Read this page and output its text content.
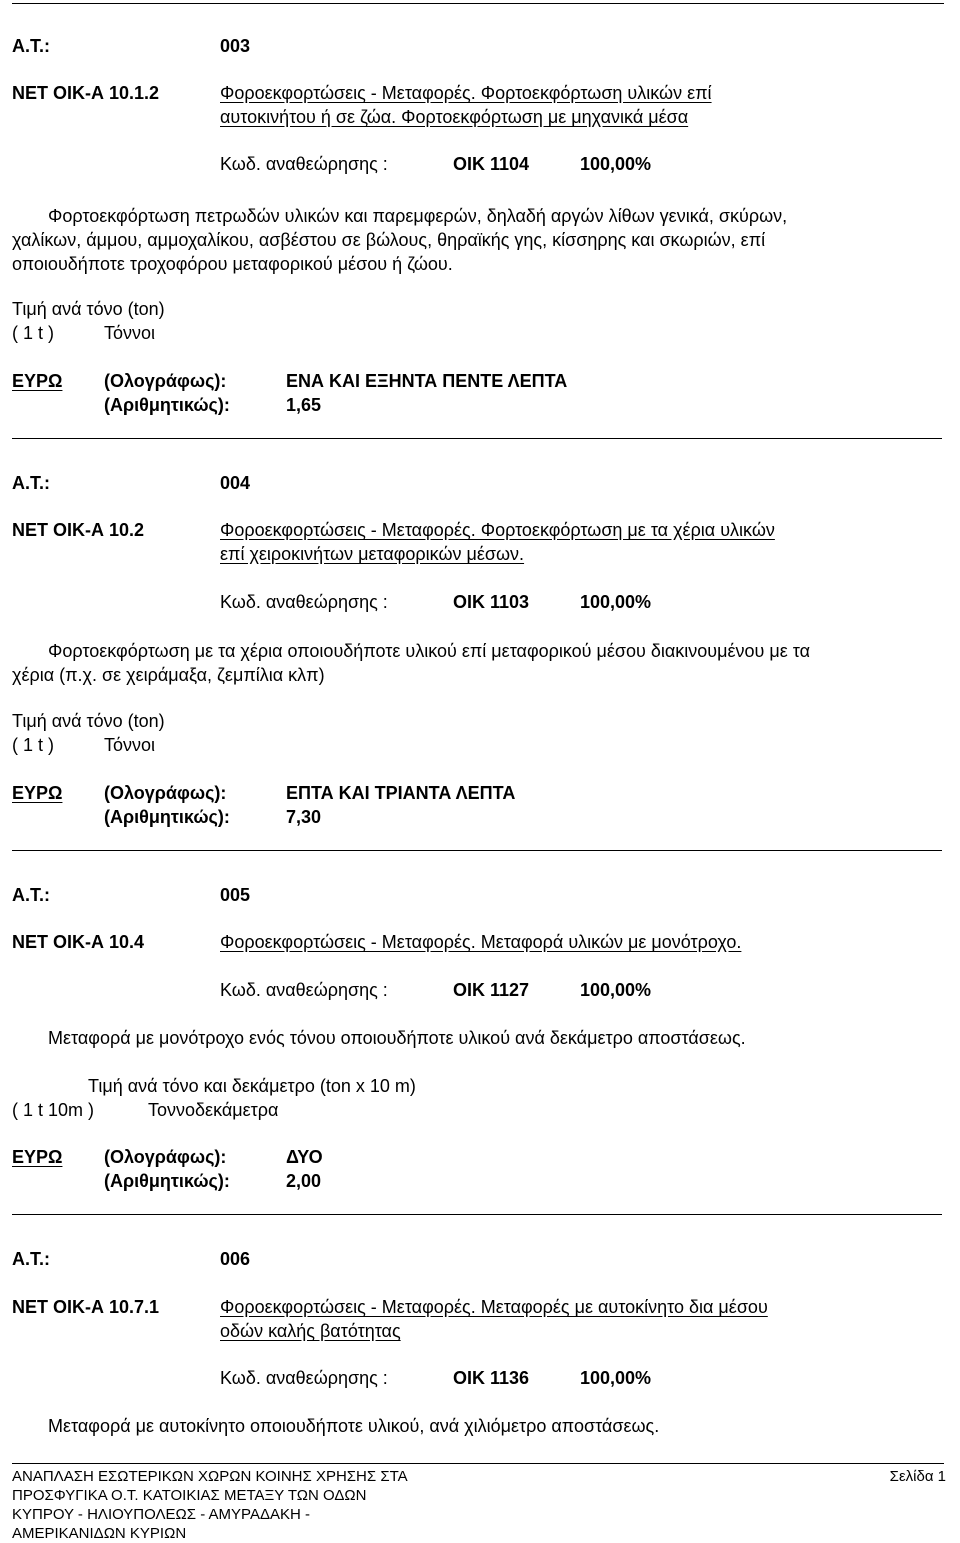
Α.Τ.:	003
ΝΕΤ ΟΙΚ-Α 10.1.2	Φοροεκφορτώσεις - Μεταφορές. Φορτοεκφόρτωση υλικών επί
αυτοκινήτου ή σε ζώα. Φορτοεκφόρτωση με μηχανικά μέσα
Κωδ. αναθεώρησης :	ΟΙΚ 1104	100,00%
Φορτοεκφόρτωση πετρωδών υλικών και παρεμφερών, δηλαδή αργών λίθων γενικά, σκύρων,
χαλίκων, άμμου, αμμοχαλίκου, ασβέστου σε βώλους, θηραϊκής γης, κίσσηρης και σκωριών, επί
οποιουδήποτε τροχοφόρου μεταφορικού μέσου ή ζώου.
Τιμή ανά τόνο (ton)
( 1 t )	Τόννοι
ΕΥΡΩ (Ολογράφως):	ΕΝΑ ΚΑΙ ΕΞΗΝΤΑ ΠΕΝΤΕ ΛΕΠΤΑ
(Αριθμητικώς):	1,65
Α.Τ.:	004
ΝΕΤ ΟΙΚ-Α 10.2	Φοροεκφορτώσεις - Μεταφορές. Φορτοεκφόρτωση με τα χέρια υλικών
επί χειροκινήτων μεταφορικών μέσων.
Κωδ. αναθεώρησης :	ΟΙΚ 1103	100,00%
Φορτοεκφόρτωση με τα χέρια οποιουδήποτε υλικού επί μεταφορικού μέσου διακινουμένου με τα
χέρια (π.χ. σε χειράμαξα, ζεμπίλια κλπ)
Τιμή ανά τόνο (ton)
( 1 t )	Τόννοι
ΕΥΡΩ (Ολογράφως):	ΕΠΤΑ ΚΑΙ ΤΡΙΑΝΤΑ ΛΕΠΤΑ
(Αριθμητικώς):	7,30
Α.Τ.:	005
ΝΕΤ ΟΙΚ-Α 10.4	Φοροεκφορτώσεις - Μεταφορές. Μεταφορά υλικών με μονότροχο.
Κωδ. αναθεώρησης :	ΟΙΚ 1127	100,00%
Μεταφορά με μονότροχο ενός τόνου οποιουδήποτε υλικού ανά δεκάμετρο αποστάσεως.
Τιμή ανά τόνο και δεκάμετρο (ton x 10 m)
( 1 t 10m )	Τοννοδεκάμετρα
ΕΥΡΩ (Ολογράφως):	ΔΥΟ
(Αριθμητικώς):	2,00
Α.Τ.:	006
ΝΕΤ ΟΙΚ-Α 10.7.1	Φοροεκφορτώσεις - Μεταφορές. Μεταφορές με αυτοκίνητο δια μέσου
οδών καλής βατότητας
Κωδ. αναθεώρησης :	ΟΙΚ 1136	100,00%
Μεταφορά με αυτοκίνητο οποιουδήποτε υλικού, ανά χιλιόμετρο αποστάσεως.
ΑΝΑΠΛΑΣΗ ΕΣΩΤΕΡΙΚΩΝ ΧΩΡΩΝ ΚΟΙΝΗΣ ΧΡΗΣΗΣ ΣΤΑ
ΠΡΟΣΦΥΓΙΚΑ Ο.Τ. ΚΑΤΟΙΚΙΑΣ ΜΕΤΑΞΥ ΤΩΝ ΟΔΩΝ
ΚΥΠΡΟΥ - ΗΛΙΟΥΠΟΛΕΩΣ - ΑΜΥΡΑΔΑΚΗ -
ΑΜΕΡΙΚΑΝΙΔΩΝ ΚΥΡΙΩΝ
Σελίδα 1
